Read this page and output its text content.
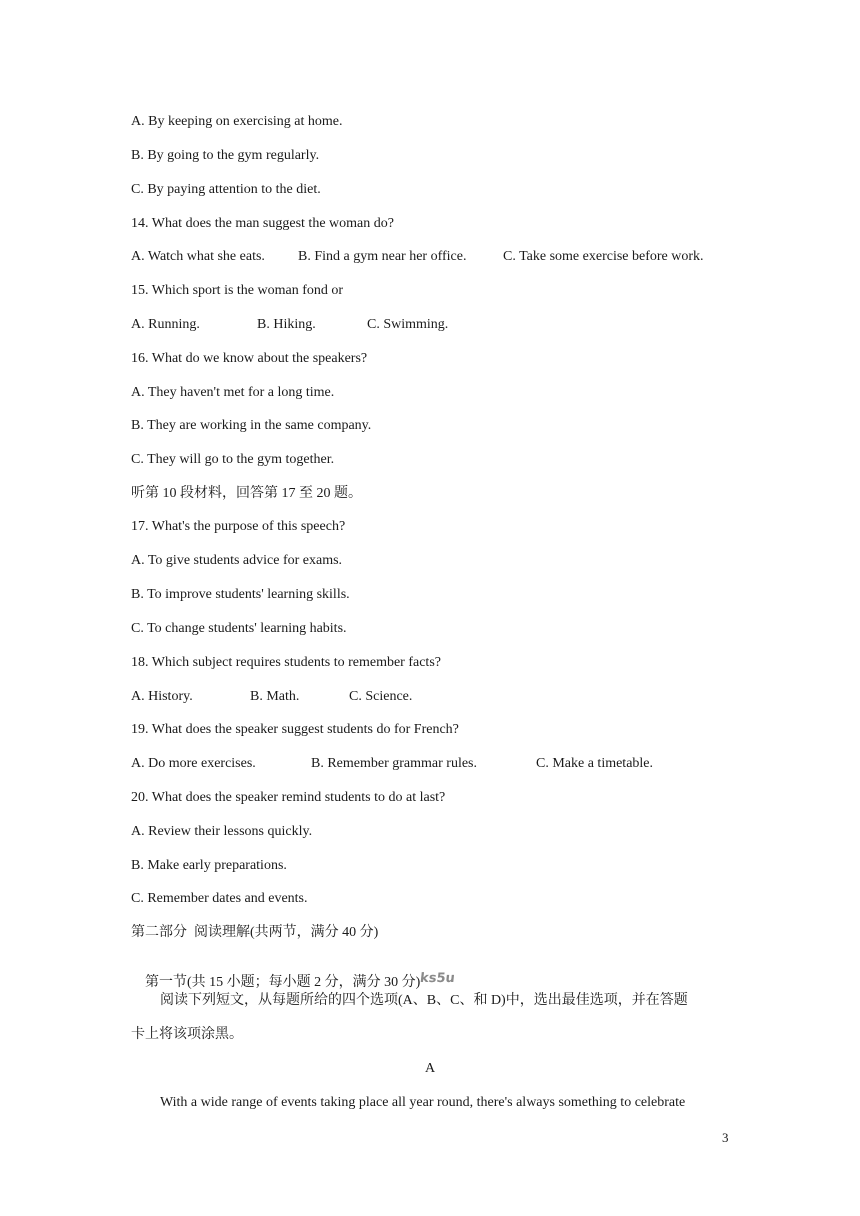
A. By keeping on exercising at home.
B. By going to the gym regularly.
C. By paying attention to the diet.
14. What does the man suggest the woman do?
A. Watch what she eats. B. Find a gym near her office.	C. Take some exercise before work.
15. Which sport is the woman fond or
A. Running.	B. Hiking.	C. Swimming.
16. What do we know about the speakers?
A. They haven't met for a long time.
B. They are working in the same company.
C. They will go to the gym together.
听第 10 段材料，回答第 17 至 20 题。
17. What's the purpose of this speech?
A. To give students advice for exams.
B. To improve students' learning skills.
C. To change students' learning habits.
18. Which subject requires students to remember facts?
A. History.	B. Math.	C. Science.
19. What does the speaker suggest students do for French?
A. Do more exercises.	B. Remember grammar rules.	C. Make a timetable.
20. What does the speaker remind students to do at last?
A. Review their lessons quickly.
B. Make early preparations.
C. Remember dates and events.
第二部分  阅读理解(共两节，满分 40 分)

第一节(共 15 小题；每小题 2 分，满分 30 分)ks5u

阅读下列短文，从每题所给的四个选项(A、B、C、和 D)中，选出最佳选项，并在答题
卡上将该项涂黑。
A
With a wide range of events taking place all year round, there's always something to celebrate
3
